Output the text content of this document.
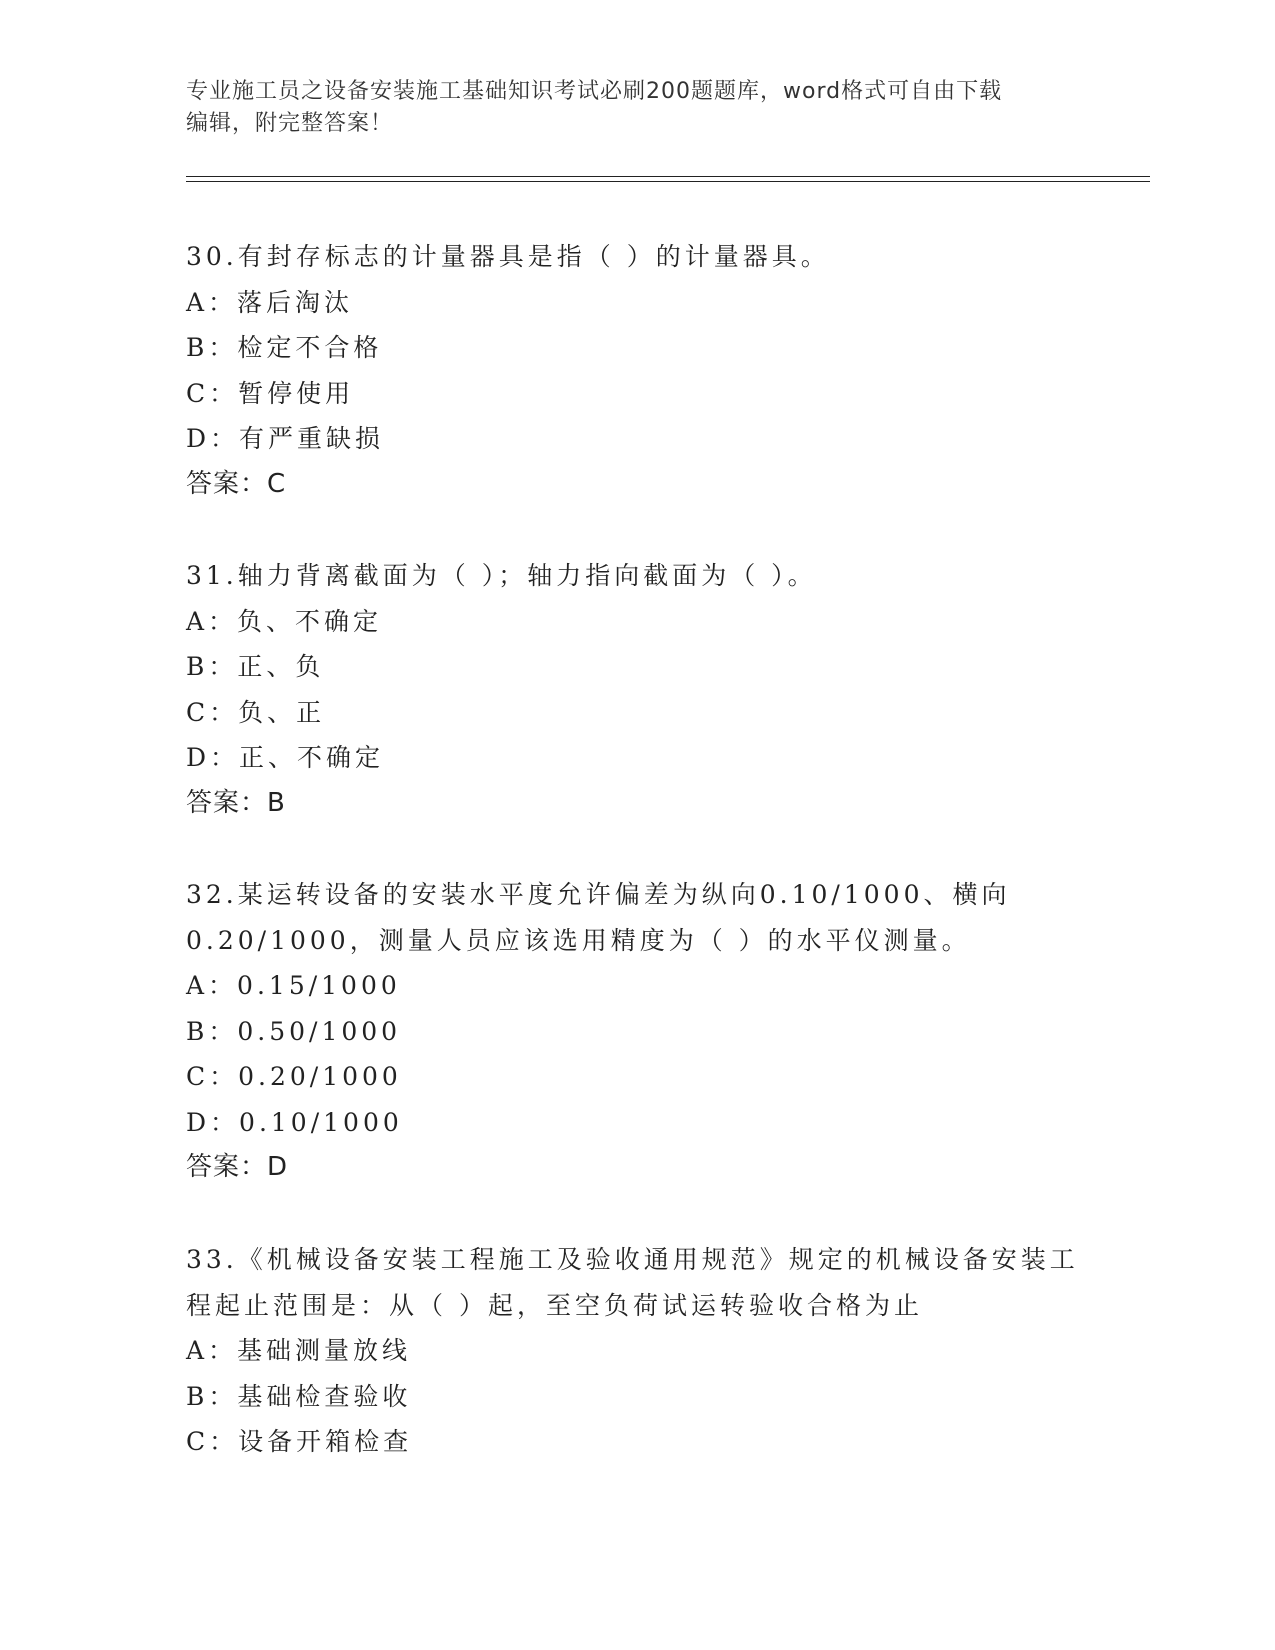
专业施工员之设备安装施工基础知识考试必刷200题题库，word格式可自由下载
编辑，附完整答案！
30.有封存标志的计量器具是指（ ）的计量器具。
A：落后淘汰
B：检定不合格
C：暂停使用
D：有严重缺损
答案：C
31.轴力背离截面为（ ）；轴力指向截面为（ ）。
A：负、不确定
B：正、负
C：负、正
D：正、不确定
答案：B
32.某运转设备的安装水平度允许偏差为纵向0.10/1000、横向
0.20/1000，测量人员应该选用精度为（ ）的水平仪测量。
A：0.15/1000
B：0.50/1000
C：0.20/1000
D：0.10/1000
答案：D
33.《机械设备安装工程施工及验收通用规范》规定的机械设备安装工
程起止范围是：从（ ）起，至空负荷试运转验收合格为止
A：基础测量放线
B：基础检查验收
C：设备开箱检查
